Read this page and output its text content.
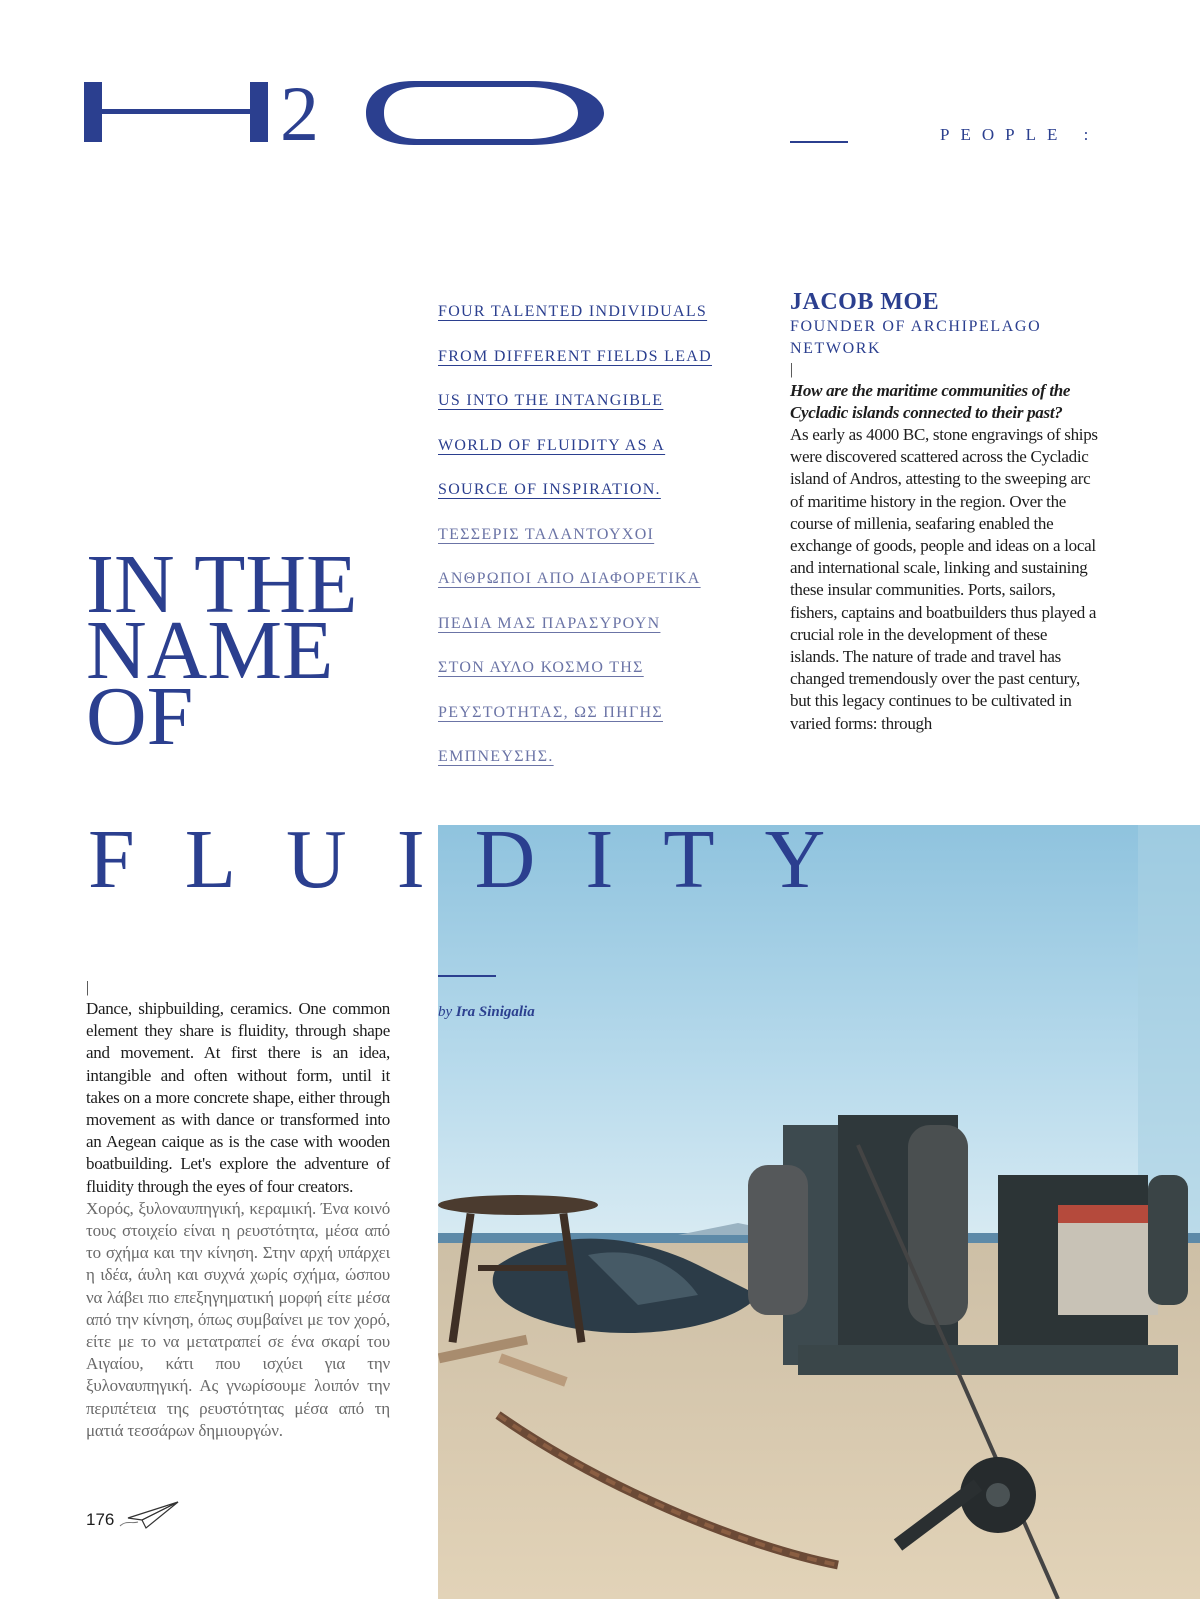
2	PEOPLE :
IN THE
NAME
OF
FLUIDITY
FOUR TALENTED INDIVIDUALS
FROM DIFFERENT FIELDS LEAD
US INTO THE INTANGIBLE
WORLD OF FLUIDITY AS A
SOURCE OF INSPIRATION.
ΤΕΣΣΕΡΙΣ ΤΑΛΑΝΤΟΥΧΟΙ
ΑΝΘΡΩΠΟΙ ΑΠΟ ΔΙΑΦΟΡΕΤΙΚΑ
ΠΕΔΙΑ ΜΑΣ ΠΑΡΑΣΥΡΟΥΝ
ΣΤΟΝ ΑΥΛΟ ΚΟΣΜΟ ΤΗΣ
ΡΕΥΣΤΟΤΗΤΑΣ, ΩΣ ΠΗΓΗΣ
ΕΜΠΝΕΥΣΗΣ.
JACOB MOE

FOUNDER OF ARCHIPELAGO NETWORK

|

How are the maritime communities of the Cycladic islands connected to their past?

As early as 4000 BC, stone engravings of ships were discovered scattered across the Cycladic island of Andros, attesting to the sweeping arc of maritime history in the region. Over the course of millenia, seafaring enabled the exchange of goods, people and ideas on a local and international scale, linking and sustaining these insular communities. Ports, sailors, fishers, captains and boatbuilders thus played a crucial role in the development of these islands. The nature of trade and travel has changed tremendously over the past century, but this legacy continues to be cultivated in varied forms: through

by Ira Sinigalia
|

Dance, shipbuilding, ceramics. One common element they share is fluidity, through shape and movement. At first there is an idea, intangible and often without form, until it takes on a more concrete shape, either through movement as with dance or transformed into an Aegean caique as is the case with wooden boatbuilding. Let's explore the adventure of fluidity through the eyes of four creators.

Χορός, ξυλοναυπηγική, κεραμική. Ένα κοινό τους στοιχείο είναι η ρευστότητα, μέσα από το σχήμα και την κίνηση. Στην αρχή υπάρχει η ιδέα, άυλη και συχνά χωρίς σχήμα, ώσπου να λάβει πιο επεξηγηματική μορφή είτε μέσα από την κίνηση, όπως συμβαίνει με τον χορό, είτε με το να μετατραπεί σε ένα σκαρί του Αιγαίου, κάτι που ισχύει για την ξυλοναυπηγική. Ας γνωρίσουμε λοιπόν την περιπέτεια της ρευστότητας μέσα από τη ματιά τεσσάρων δημιουργών.

176
